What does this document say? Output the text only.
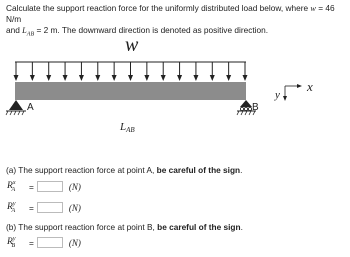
Calculate the support reaction force for the uniformly distributed load below, where w = 46 N/m
and $L_{AB} = 2$ m. The downward direction is denoted as positive direction.
w
A	B
LAB
x
y
(a) The support reaction force at point A, be careful of the sign.
$R^x_A$	=	(N)
$R^y_A$	=	(N)
(b) The support reaction force at point B, be careful of the sign.
$R^y_B$	=	(N)
